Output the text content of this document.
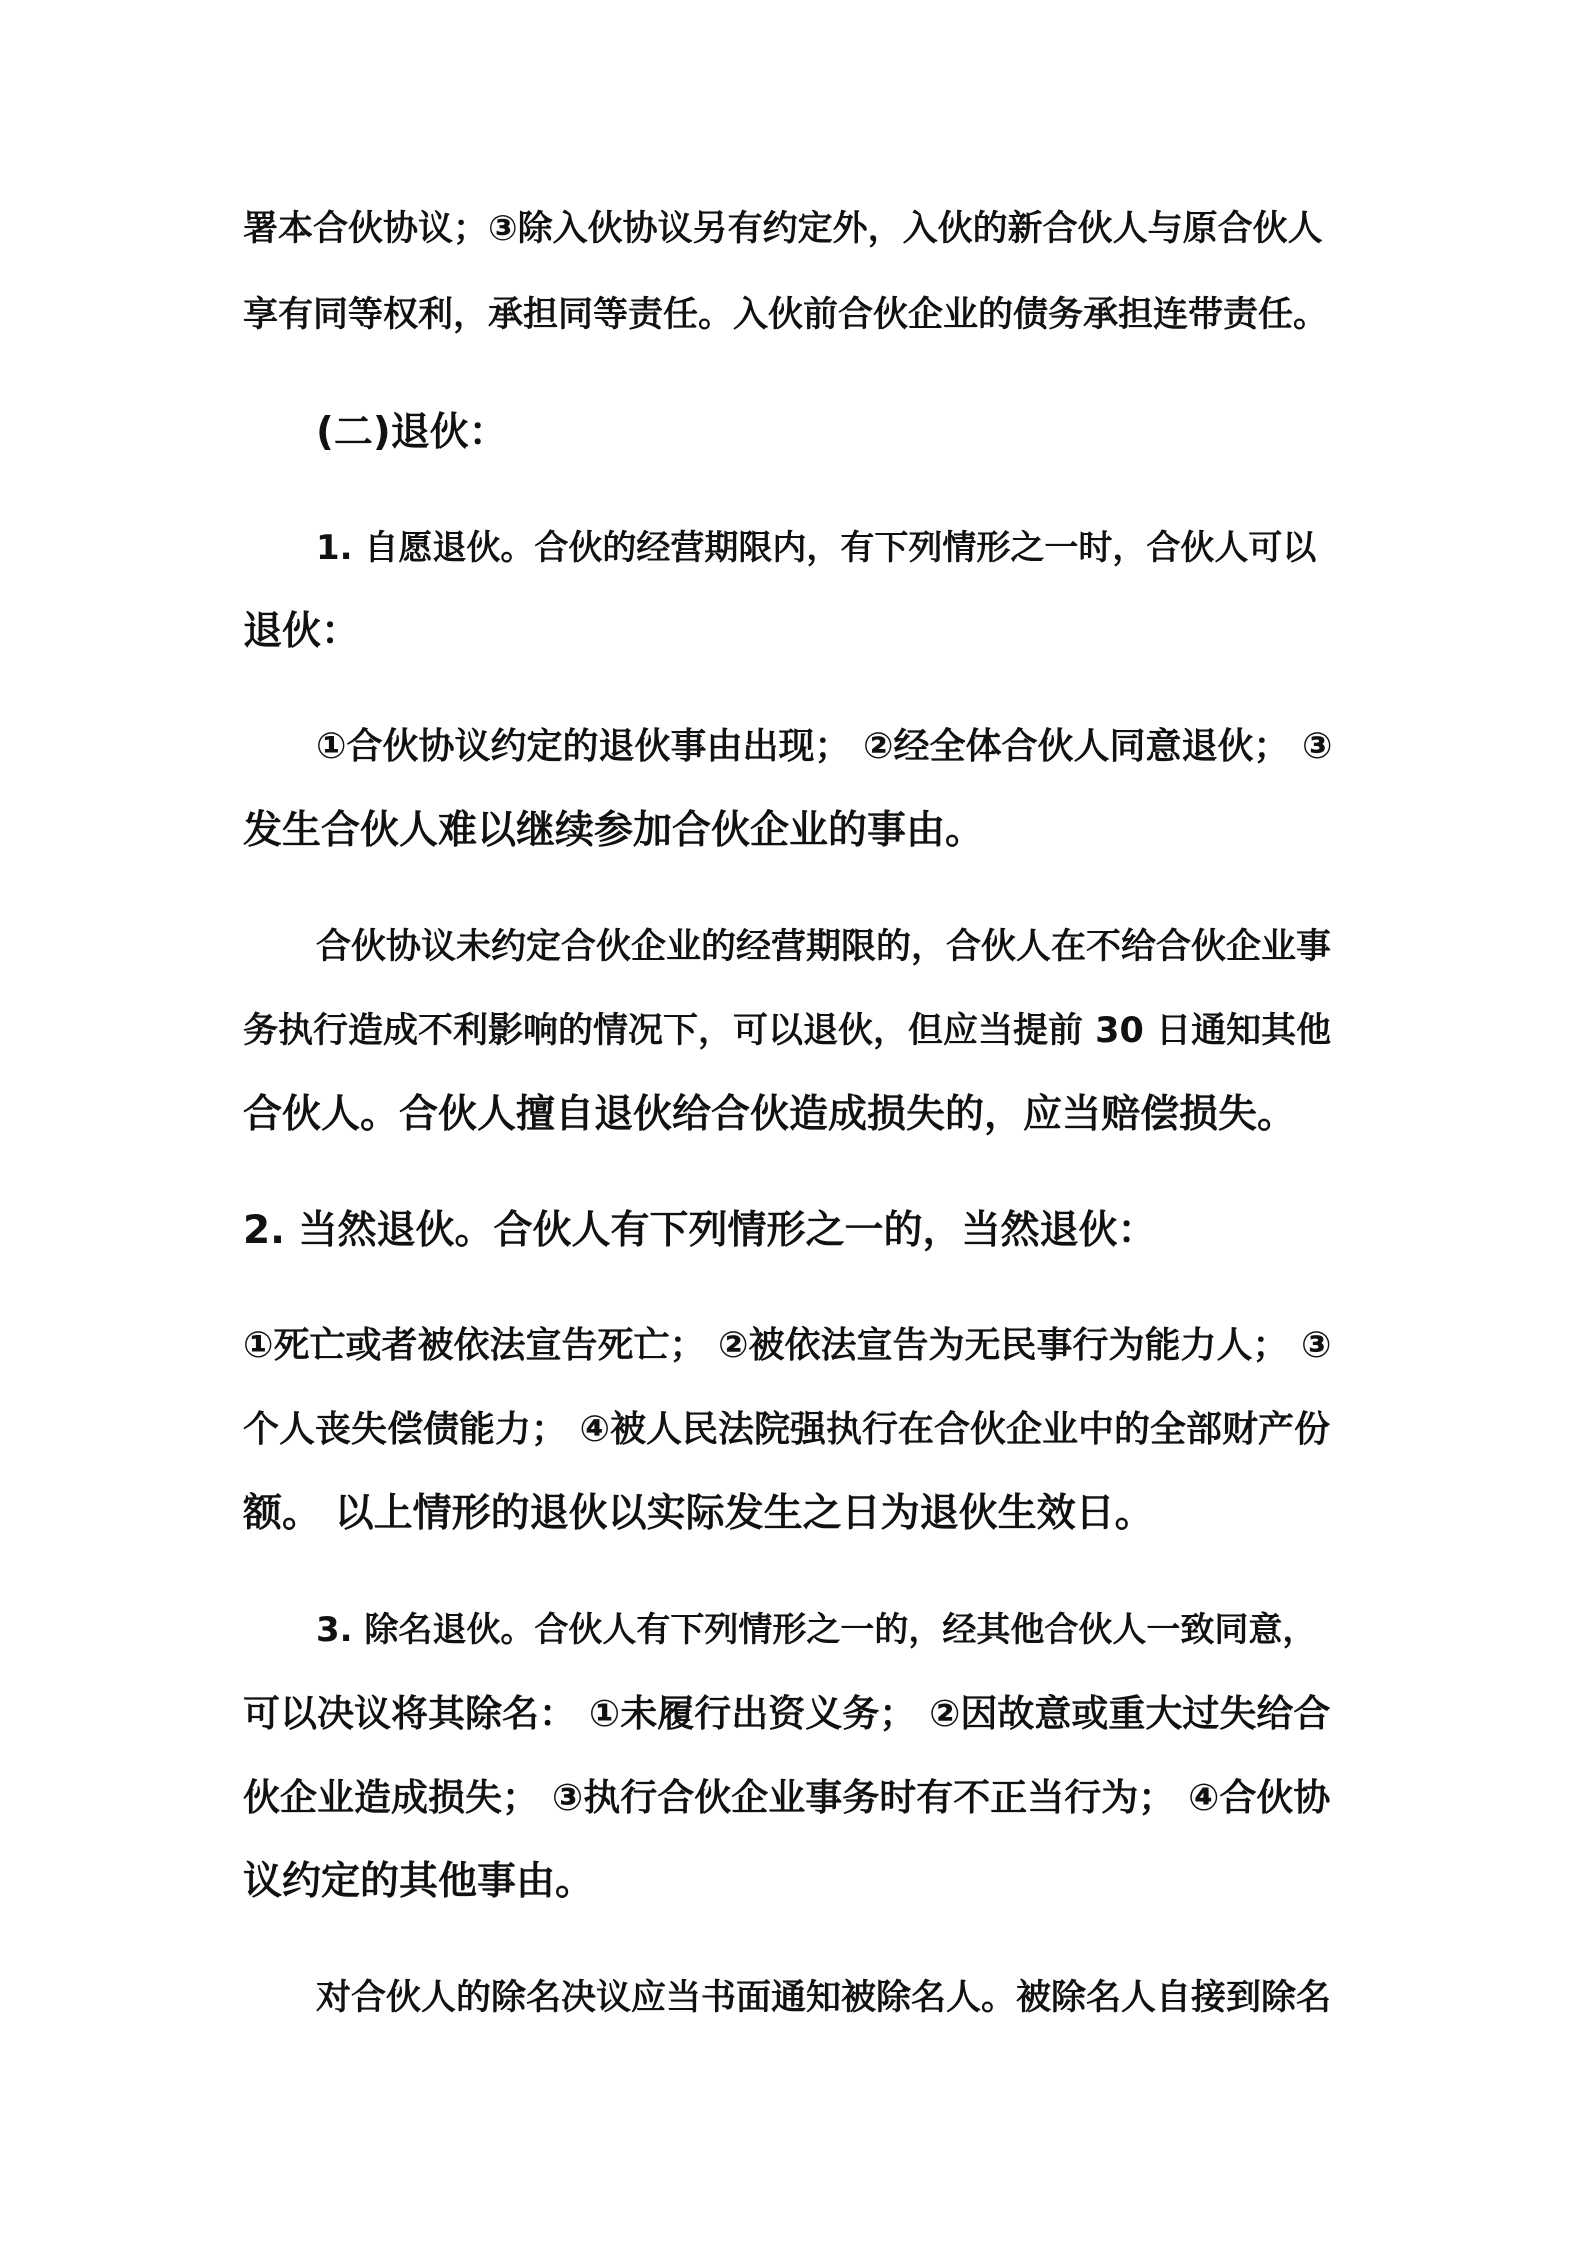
署本合伙协议；③除入伙协议另有约定外，入伙的新合伙人与原合伙人

享有同等权利，承担同等责任。入伙前合伙企业的债务承担连带责任。

(二)退伙：

1. 自愿退伙。合伙的经营期限内，有下列情形之一时，合伙人可以

退伙：

①合伙协议约定的退伙事由出现； ②经全体合伙人同意退伙； ③

发生合伙人难以继续参加合伙企业的事由。

合伙协议未约定合伙企业的经营期限的，合伙人在不给合伙企业事

务执行造成不利影响的情况下，可以退伙，但应当提前 30 日通知其他

合伙人。合伙人擅自退伙给合伙造成损失的，应当赔偿损失。

2. 当然退伙。合伙人有下列情形之一的，当然退伙：

①死亡或者被依法宣告死亡； ②被依法宣告为无民事行为能力人； ③

个人丧失偿债能力； ④被人民法院强执行在合伙企业中的全部财产份

额。 以上情形的退伙以实际发生之日为退伙生效日。

3. 除名退伙。合伙人有下列情形之一的，经其他合伙人一致同意，

可以决议将其除名： ①未履行出资义务； ②因故意或重大过失给合

伙企业造成损失； ③执行合伙企业事务时有不正当行为； ④合伙协

议约定的其他事由。

对合伙人的除名决议应当书面通知被除名人。被除名人自接到除名
